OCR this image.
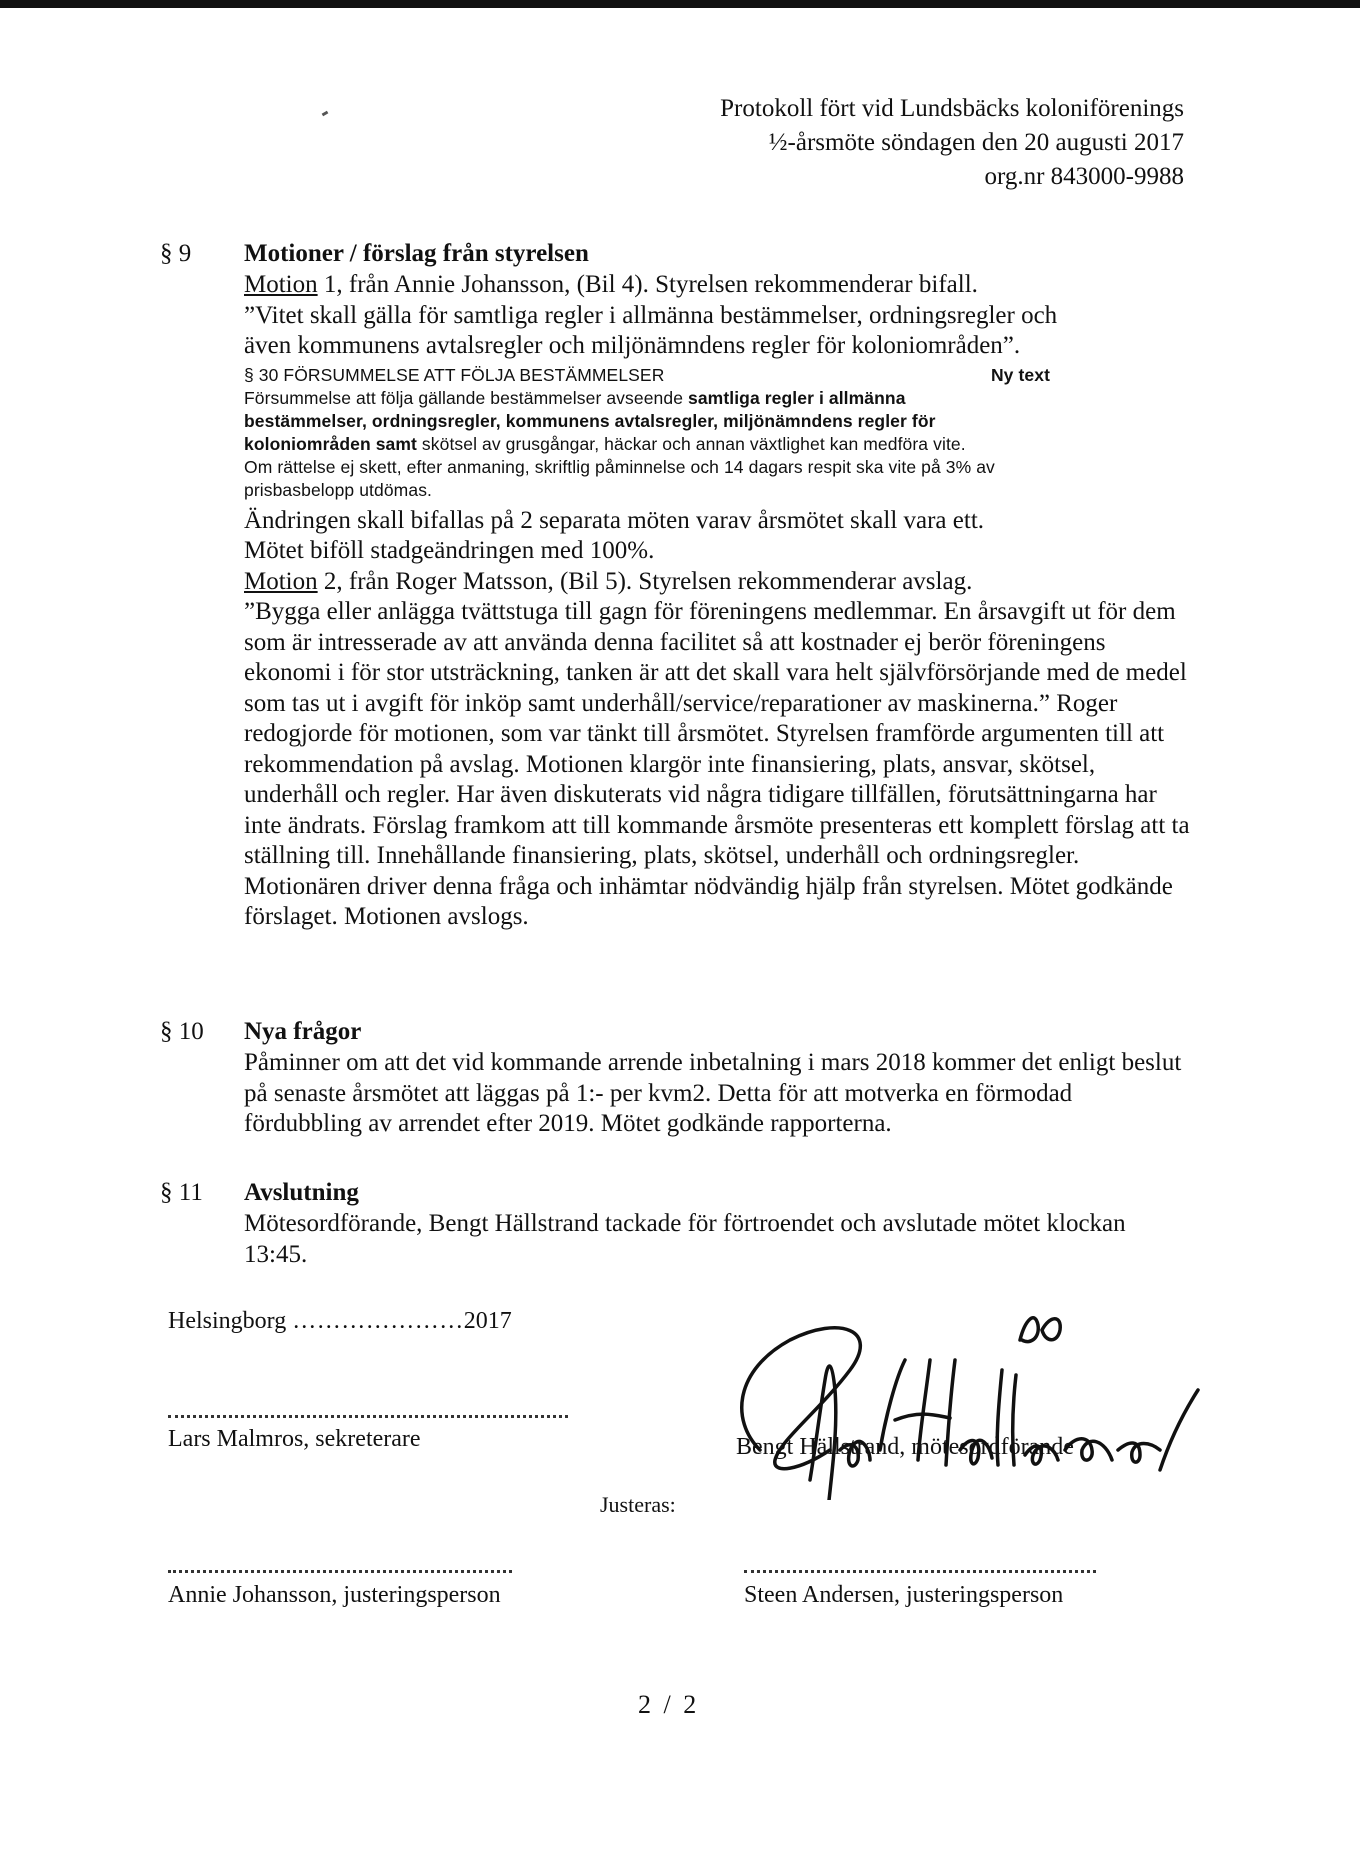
Protokoll fört vid Lundsbäcks koloniförenings
½-årsmöte söndagen den 20 augusti 2017
org.nr 843000-9988
§ 9	Motioner / förslag från styrelsen

Motion 1, från Annie Johansson, (Bil 4). Styrelsen rekommenderar bifall.

”Vitet skall gälla för samtliga regler i allmänna bestämmelser, ordningsregler och

även kommunens avtalsregler och miljönämndens regler för koloniområden”.

§ 30 FÖRSUMMELSE ATT FÖLJA BESTÄMMELSER	Ny text

Försummelse att följa gällande bestämmelser avseende samtliga regler i allmänna bestämmelser, ordningsregler, kommunens avtalsregler, miljönämndens regler för koloniområden samt skötsel av grusgångar, häckar och annan växtlighet kan medföra vite.

Om rättelse ej skett, efter anmaning, skriftlig påminnelse och 14 dagars respit ska vite på 3% av prisbasbelopp utdömas.

Ändringen skall bifallas på 2 separata möten varav årsmötet skall vara ett.

Mötet biföll stadgeändringen med 100%.

Motion 2, från Roger Matsson, (Bil 5). Styrelsen rekommenderar avslag.

”Bygga eller anlägga tvättstuga till gagn för föreningens medlemmar. En årsavgift ut för dem som är intresserade av att använda denna facilitet så att kostnader ej berör föreningens ekonomi i för stor utsträckning, tanken är att det skall vara helt självförsörjande med de medel som tas ut i avgift för inköp samt underhåll/service/reparationer av maskinerna.” Roger redogjorde för motionen, som var tänkt till årsmötet. Styrelsen framförde argumenten till att rekommendation på avslag. Motionen klargör inte finansiering, plats, ansvar, skötsel, underhåll och regler. Har även diskuterats vid några tidigare tillfällen, förutsättningarna har inte ändrats. Förslag framkom att till kommande årsmöte presenteras ett komplett förslag att ta ställning till. Innehållande finansiering, plats, skötsel, underhåll och ordningsregler. Motionären driver denna fråga och inhämtar nödvändig hjälp från styrelsen. Mötet godkände förslaget. Motionen avslogs.

§ 10	Nya frågor

Påminner om att det vid kommande arrende inbetalning i mars 2018 kommer det enligt beslut på senaste årsmötet att läggas på 1:- per kvm2. Detta för att motverka en förmodad fördubbling av arrendet efter 2019. Mötet godkände rapporterna.

§ 11	Avslutning

Mötesordförande, Bengt Hällstrand tackade för förtroendet och avslutade mötet klockan 13:45.

Helsingborg …………………2017
Lars Malmros, sekreterare	Bengt Hällstrand, mötesordförande
Justeras:
Annie Johansson, justeringsperson	Steen Andersen, justeringsperson
2 / 2
